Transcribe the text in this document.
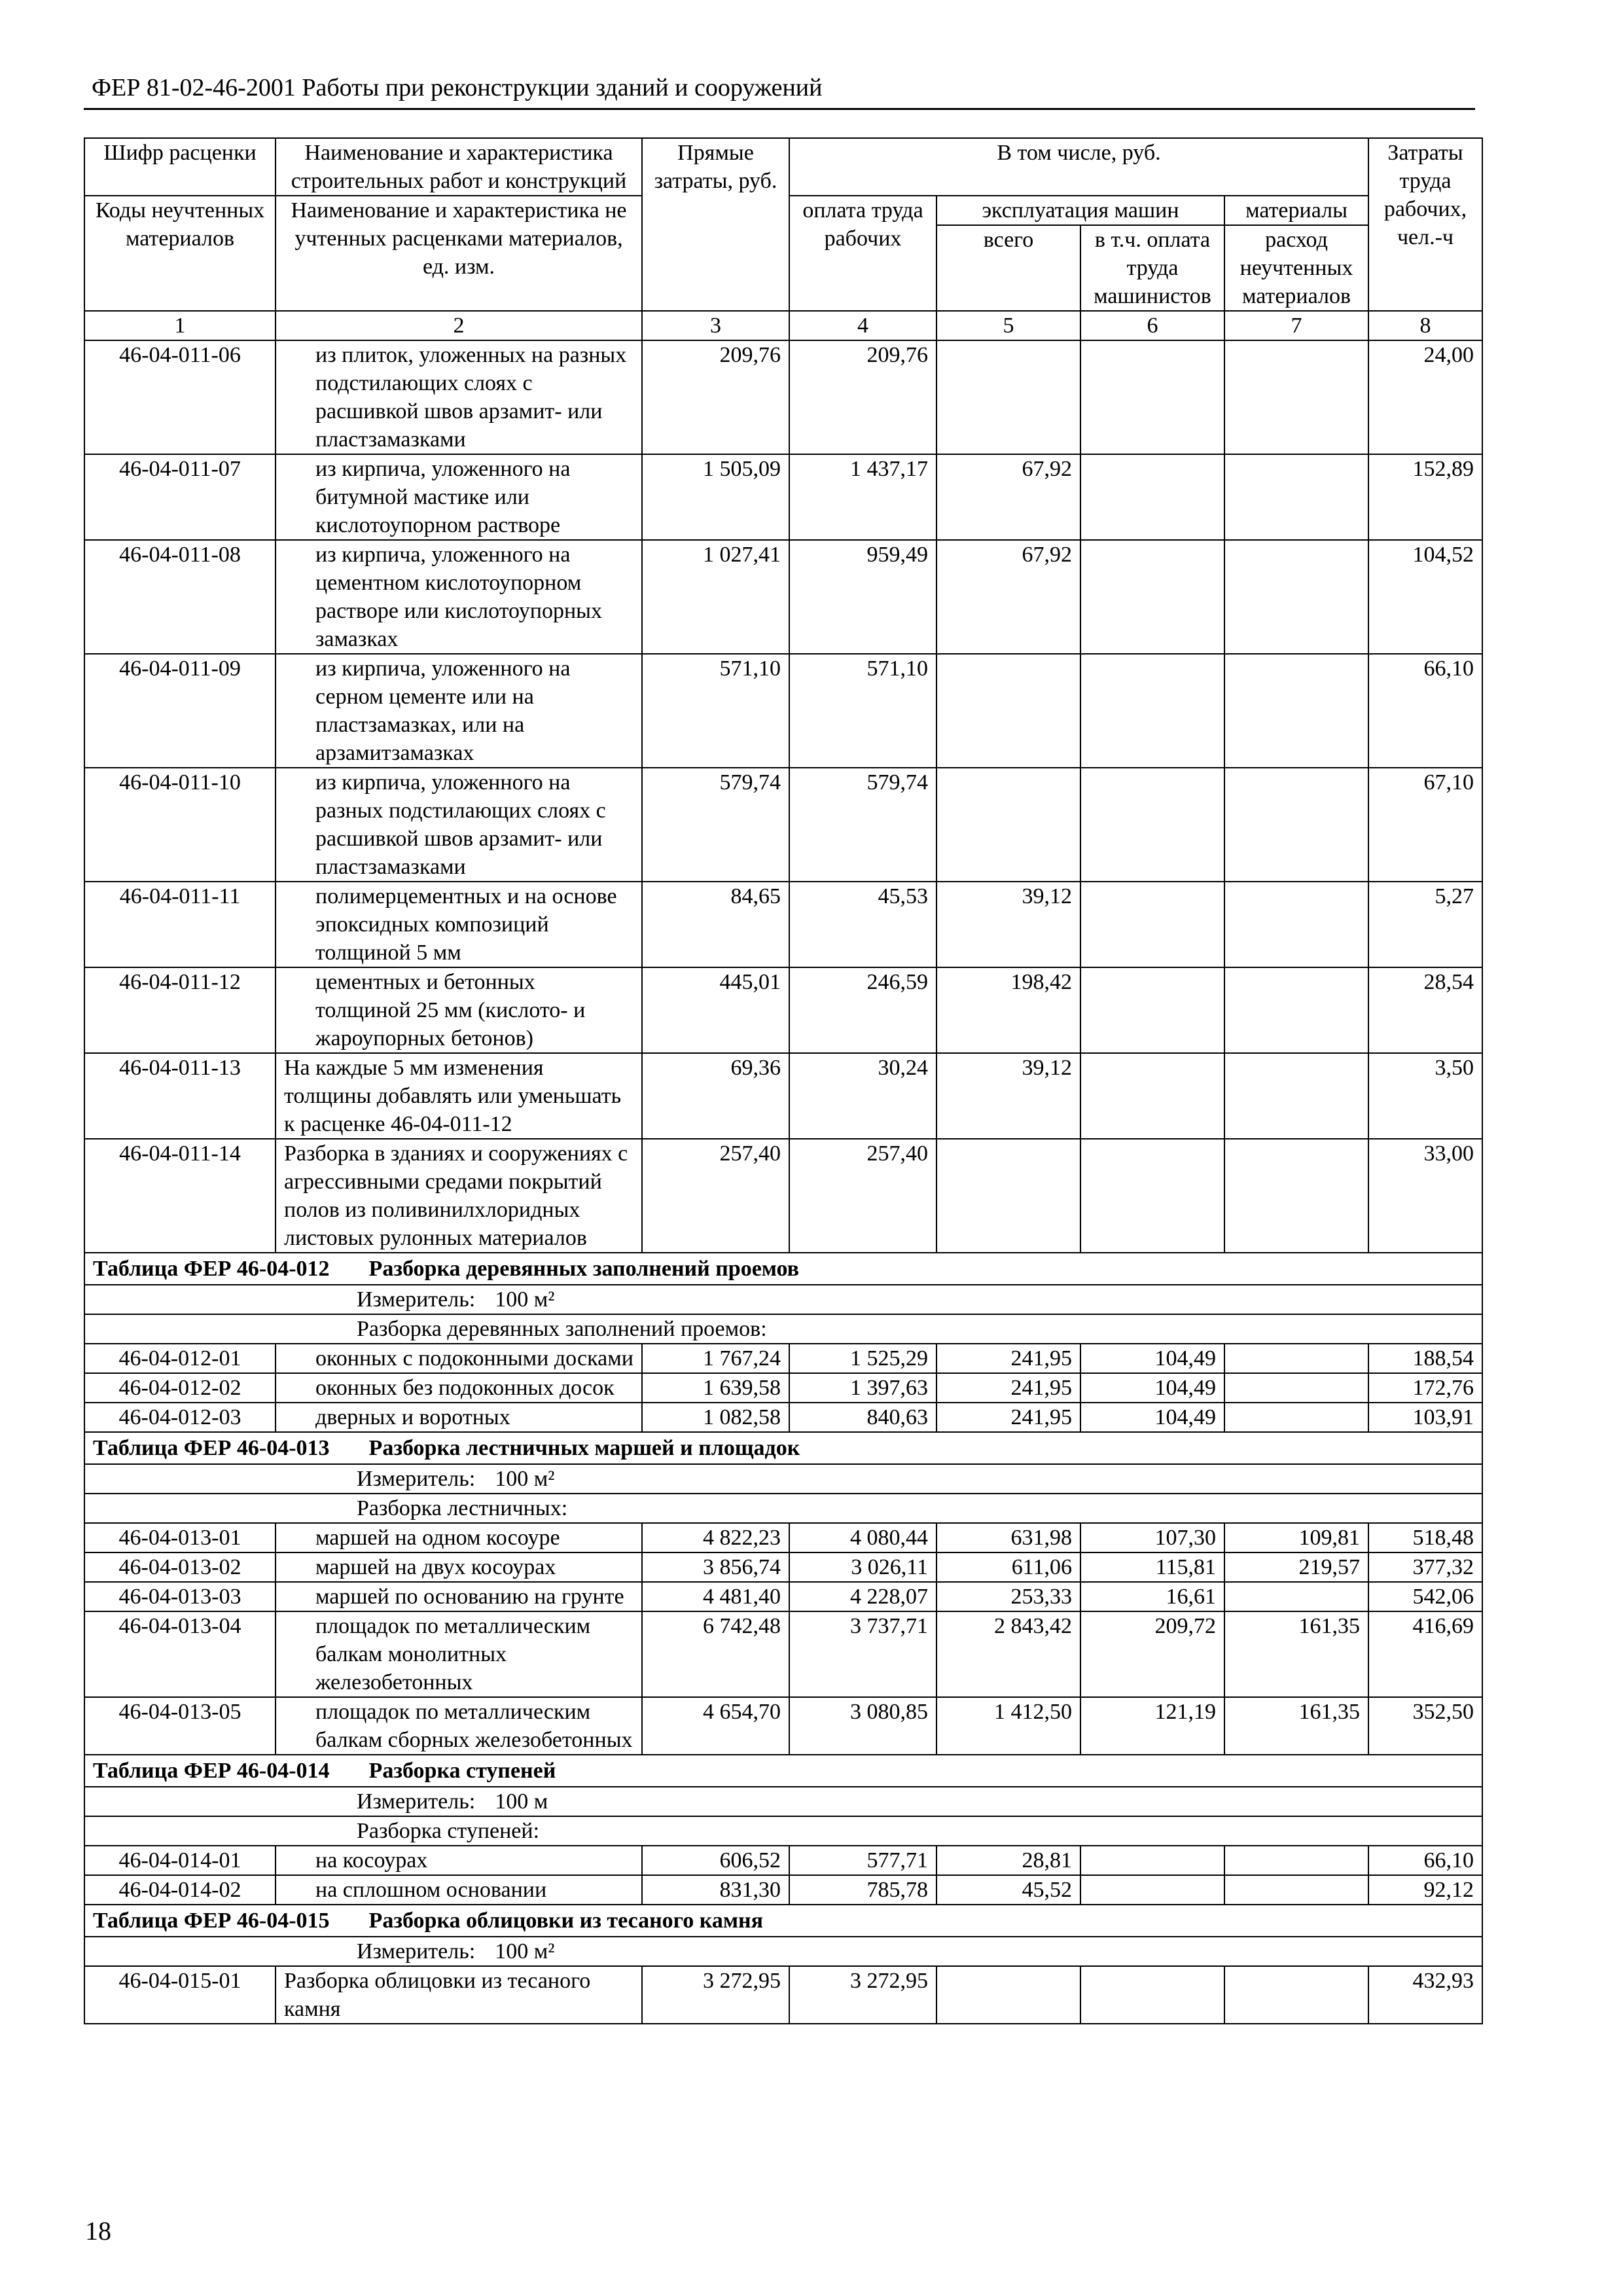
ФЕР 81-02-46-2001 Работы при реконструкции зданий и сооружений
Шифр расценки	Наименование и характеристика строительных работ и конструкций	Прямые затраты, руб.	В том числе, руб.				Затраты труда рабочих, чел.-ч
Коды неучтенных материалов	Наименование и характеристика не учтенных расценками материалов, ед. изм.		оплата труда рабочих	эксплуатация машин		материалы	
				всего	в т.ч. оплата труда машинистов	расход неучтенных материалов	
1	2	3	4	5	6	7	8
46-04-011-06	из плиток, уложенных на разных подстилающих слоях с расшивкой швов арзамит- или пластзамазками	209,76	209,76				24,00
46-04-011-07	из кирпича, уложенного на битумной мастике или кислотоупорном растворе	1 505,09	1 437,17	67,92			152,89
46-04-011-08	из кирпича, уложенного на цементном кислотоупорном растворе или кислотоупорных замазках	1 027,41	959,49	67,92			104,52
46-04-011-09	из кирпича, уложенного на серном цементе или на пластзамазках, или на арзамитзамазках	571,10	571,10				66,10
46-04-011-10	из кирпича, уложенного на разных подстилающих слоях с расшивкой швов арзамит- или пластзамазками	579,74	579,74				67,10
46-04-011-11	полимерцементных и на основе эпоксидных композиций толщиной 5 мм	84,65	45,53	39,12			5,27
46-04-011-12	цементных и бетонных толщиной 25 мм (кислото- и жароупорных бетонов)	445,01	246,59	198,42			28,54
46-04-011-13	На каждые 5 мм изменения толщины добавлять или уменьшать к расценке 46-04-011-12	69,36	30,24	39,12			3,50
46-04-011-14	Разборка в зданиях и сооружениях с агрессивными средами покрытий полов из поливинилхлоридных листовых рулонных материалов	257,40	257,40				33,00
Таблица ФЕР 46-04-012 Разборка деревянных заполнений проемов							
Измеритель: 100 м²							
Разборка деревянных заполнений проемов:							
46-04-012-01	оконных с подоконными досками	1 767,24	1 525,29	241,95	104,49		188,54
46-04-012-02	оконных без подоконных досок	1 639,58	1 397,63	241,95	104,49		172,76
46-04-012-03	дверных и воротных	1 082,58	840,63	241,95	104,49		103,91
Таблица ФЕР 46-04-013 Разборка лестничных маршей и площадок							
Измеритель: 100 м²							
Разборка лестничных:							
46-04-013-01	маршей на одном косоуре	4 822,23	4 080,44	631,98	107,30	109,81	518,48
46-04-013-02	маршей на двух косоурах	3 856,74	3 026,11	611,06	115,81	219,57	377,32
46-04-013-03	маршей по основанию на грунте	4 481,40	4 228,07	253,33	16,61		542,06
46-04-013-04	площадок по металлическим балкам монолитных железобетонных	6 742,48	3 737,71	2 843,42	209,72	161,35	416,69
46-04-013-05	площадок по металлическим балкам сборных железобетонных	4 654,70	3 080,85	1 412,50	121,19	161,35	352,50
Таблица ФЕР 46-04-014 Разборка ступеней							
Измеритель: 100 м							
Разборка ступеней:							
46-04-014-01	на косоурах	606,52	577,71	28,81			66,10
46-04-014-02	на сплошном основании	831,30	785,78	45,52			92,12
Таблица ФЕР 46-04-015 Разборка облицовки из тесаного камня							
Измеритель: 100 м²							
46-04-015-01	Разборка облицовки из тесаного камня	3 272,95	3 272,95				432,93
18
